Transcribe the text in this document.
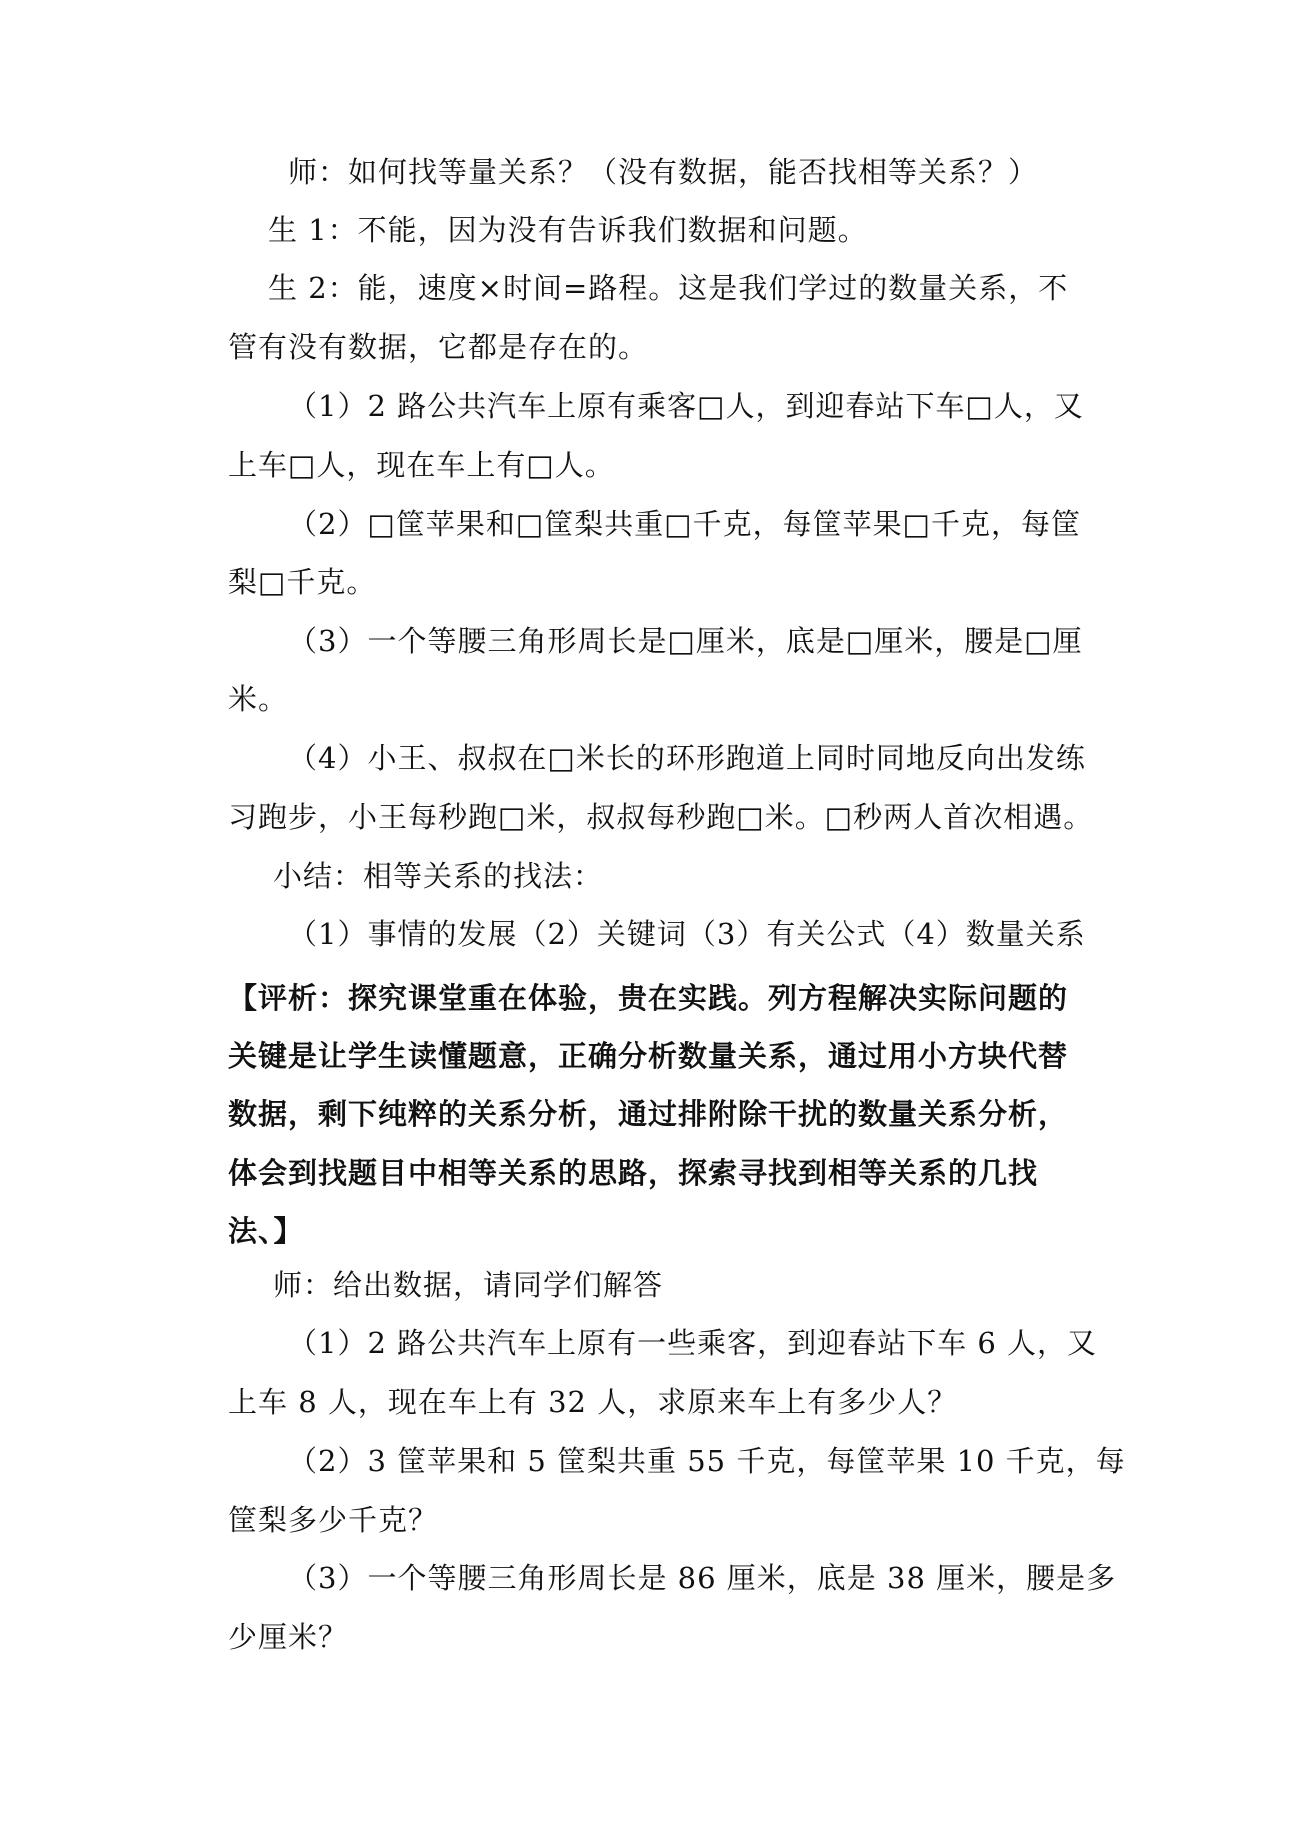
师：如何找等量关系？（没有数据，能否找相等关系？）
生 1：不能，因为没有告诉我们数据和问题。
生 2：能，速度×时间=路程。这是我们学过的数量关系，不
管有没有数据，它都是存在的。
（1）2 路公共汽车上原有乘客□人，到迎春站下车□人，又
上车□人，现在车上有□人。
（2）□筐苹果和□筐梨共重□千克，每筐苹果□千克，每筐
梨□千克。
（3）一个等腰三角形周长是□厘米，底是□厘米，腰是□厘
米。
（4）小王、叔叔在□米长的环形跑道上同时同地反向出发练
习跑步，小王每秒跑□米，叔叔每秒跑□米。□秒两人首次相遇。
小结：相等关系的找法：
（1）事情的发展（2）关键词（3）有关公式（4）数量关系
【评析：探究课堂重在体验，贵在实践。列方程解决实际问题的
关键是让学生读懂题意，正确分析数量关系，通过用小方块代替
数据，剩下纯粹的关系分析，通过排附除干扰的数量关系分析，
体会到找题目中相等关系的思路，探索寻找到相等关系的几找
法、】
师：给出数据，请同学们解答
（1）2 路公共汽车上原有一些乘客，到迎春站下车 6 人，又
上车 8 人，现在车上有 32 人，求原来车上有多少人？
（2）3 筐苹果和 5 筐梨共重 55 千克，每筐苹果 10 千克，每
筐梨多少千克？
（3）一个等腰三角形周长是 86 厘米，底是 38 厘米，腰是多
少厘米？
